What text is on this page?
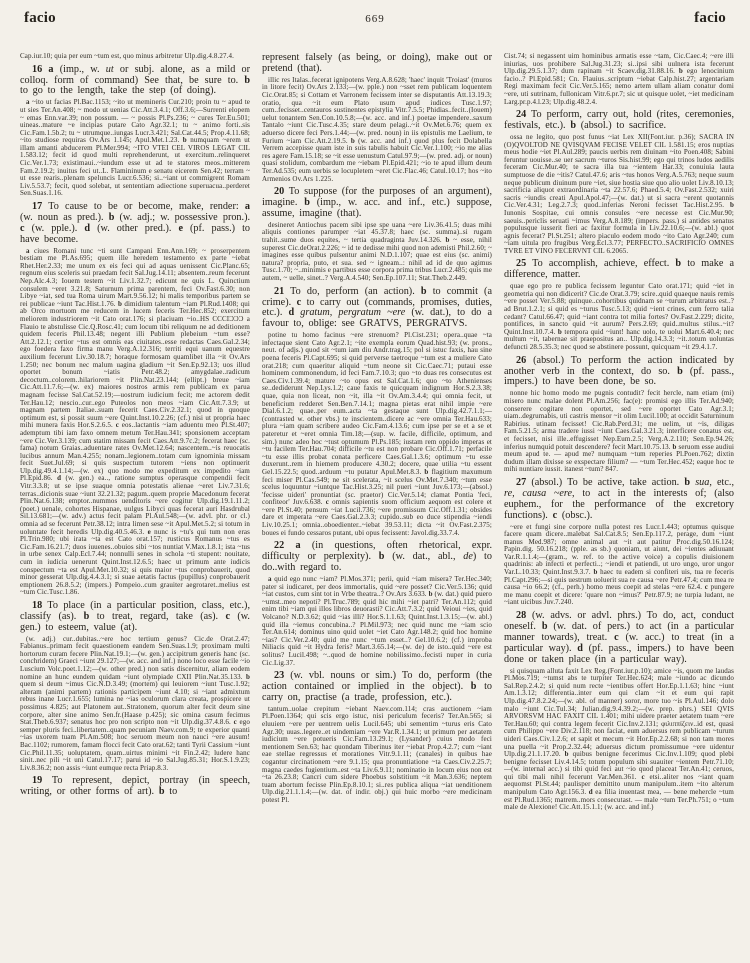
facio	669	facio

Cap.iur.10; quia per eum ~tum est, quo minus arbitretur Ulp.dig.4.8.27.4.

16 a (imp., w. ut or subj. alone, as a mild or colloq. form of command) See that, be sure to. b to go to the length, take the step (of doing).

a ~ito ut facias Pl.Bac.1153; ~ito ut memineris Cur.210; proin tu ~ apud te ut sies Ter.An.408; ~ modo ut uenias Cic.Att.3.4.1; Off.3.6;—Surrenti elopem ~ emas Enn.var.39; non possum. — ~ possis Pl.Ps.236; ~ cures Ter.Eu.501; uineas..mature ~e incipias putare Cato Agr.32.1; tu ~ animo forti..sis Cic.Fam.1.5b.2; tu ~ utrumque..iungas Lucr.3.421; Sal.Cat.44.5; Prop.4.11.68; ~ito studiose requiras Ov.Ars 1.145; Apul.Met.1.23. b numquam ~erem ut illam amanti abducerem Pl.Mer.994; ~ITO VTEI CEL VIROS LEGAT CIL 1.583.12; fecit id quod multi reprehenderunt, ut exercitum..relinqueret Cic.Ver.1.73; existimaui..~iundum esse ut ad te statores meos..mitterem Fam.2.19.2; inuitus feci ut..L. Flamininum e senatu eicerem Sen.42; terram ~ ut esse rearis..plenam speluncis Lucr.6.536; si..~iant ut commigrent Romam Liv.5.53.7; fecit, quod solebat, ut sententiam adiectione superuacua..perderet Sen.Suas.1.16.

17 To cause to be or become, make, render: a (w. noun as pred.). b (w. adj.; w. possessive pron.). c (w. pple.). d (w. other pred.). e (pf. pass.) to have become.

a ciues Romani tunc ~ti sunt Campani Enn.Ann.169; ~ proserpentem bestiam me Pl.As.695; quem ille heredem testamento ex parte ~iebat Rhet.Her.2.33; me unum ex eis feci qui ad aquas uenissent Cic.Planc.65; regnum eius sceleris sui praedam fecit Sal.Jug.14.11; absentem..reum fecerunt Nep.Alc.4.3; Iouem testem ~it Liv.1.32.7; edicunt ne quis L. Quinctium consulem ~eret 3.21.8; Saturnum prima parentem, feci Ov.Fast.6.30; non Libye ~iat, sed tua Roma uirum Mart.9.56.12; hi malis temporibus partem se rei publicae ~iunt Tac.Hist.1.76. b dimidium talentum ~iam Pl.Rud.1408; qui ab Orco mortuom me reducem in lucem feceris Ter.Hec.852; exercitum meliorem industriorem ~it Cato orat.176; si placiuam ~io..HS CCCIƆƆƆ a Flauio te abstulisse Cic.Q.Rosc.41; cum locum tibi reliquum ne ad deditionem quidem feceris Phil.13.48; negent illi Publium plebeium ~tum esse? Att.2.12.1; certior ~tus est omnis eas ciuitates..esse redactas Caes.Gal.2.34; ego foedera faxo firma manu Verg.A.12.316; territi equi uanum equestre auxilium fecerunt Liv.30.18.7; horaque formosam quamlibet illa ~it Ov.Ars 1.250; nec bonum nec malum uagina gladium ~it Sen.Ep.92.13; uos illud oportet bonum ~iatis Petr.48.2; amygdalae..radicum decoctum..colorem..hilariorem ~it Plin.Nat.23.144; (ellipt.) breue ~iam Cic.Att.11.7.6;—(w. ex) maiores nostros armis rem publicam ex parua magnam fecisse Sal.Cat.52.19;—uostrum iudicium fecit; me actorem dedit Ter.Hau.12; nescio..cur..ego Puteolos non meos ~iam Cic.Att.7.3.9; ut magnam partem Italiae..suam fecerit Caes.Civ.2.32.1; quod in quoque optimum est, si possit suum ~ere Quint.Inst.10.2.26; (cf.) nisi ut propria haec mihi munera faxis Hor.S.2.6.5. c eos..lactantis ~iam aduentu meo Pl.St.407; ademptum tibi iam faxo omnem metum Ter.Hau.341; sponsionem acceptam ~ere Cic.Ver.3.139; cum statim missam fecit Caes.Att.9.7c.2; fecerat haec (sc. fama) notum Graias..aduentare rates Ov.Met.12.64; nascentem..~is reuocatis lucibus annum Man.4.255; nonam..legionem..totam cum ignominia missam fecit Suet.Jul.69; si quis suspectum tutorem ~iens non optinuerit Ulp.dig.49.4.1.14;—(w. ex) quo modo me expeditum ex impedito ~iam Pl.Epid.86. d (w. gen.) ea.., ratione sumptus operasque compendii fecit Vitr.3.3.8; ut se ipse suaque omnia potestatis alienae ~eret Liv.7.31.6; terras..dicionis suae ~iunt 32.21.32; pagum..quem proprie Macedonum fecerat Plin.Nat.6.138; emptor..nummos uenditoris ~ere cogitur Ulp.dig.19.1.11.2; (poet.) uenale, cohortes Hispanae, uulgus Libyci quas fecerat auri Hasdrubal Sil.13.681;—(w. adv.) actus fecit palam Pl.Aul.548;—(w. advl. phr. or cl.) omnia ad se fecerunt Petr.38.12; intra limen sese ~it Apul.Met.5.2; si totum in uoluntate fecit heredis Ulp.dig.40.5.46.3. e nunc is ~tu's qui tum non eras Pl.Trin.980; ubi irata ~ta est Cato orat.157; rusticus Romanus ~tus es Cic.Fam.16.21.7; duos iuuenes..obuios sibi ~tos nuntiat V.Max.1.8.1; ista ~tus in urbe senex Calp.Ecl.7.44; nonnulli senes in schola ~ti stupent: nouitate, cum in iudicia uenerunt Quint.Inst.12.6.5; haec ut primum ante iudicis conspectum ~ta est Apul.Met.10.32; si quis maior ~tus conprobauerit, quod minor gesserat Ulp.dig.4.4.3.1; si suae aetatis factus (pupillus) conprobauerit emptionem 26.8.5.2; (impers.) Pompeio..cum grauiter aegrotaret..melius est ~tum Cic.Tusc.1.86.

18 To place (in a particular position, class, etc.), classify (as). b to treat, regard, take (as). c (w. gen.) to esteem, value (at).

(w. adj.) cur..dubitas..~ere hoc tertium genus? Cic.de Orat.2.47; Fabianus..primam fecit quaestionem eandem Sen.Suas.1.9; proximam multi hortorum curam fecere Plin.Nat.19.1;—(w. gen.) accipitrum generis hanc (sc. conchridem) Graeci ~iunt 29.127;—(w. acc. and inf.) nono loco esse facile ~io Luscium Volc.poet.1.12;—(w. other pred.) non satis discernitur, aliam eodem nomine an hunc eundem quidam ~iunt olympiade CXII Plin.Nat.35.133. b quem si deum ~imus Cic.N.D.3.49; (mortem) qui leuiorem ~iunt Tusc.1.92; alteram (animi partem) rationis participem ~iunt 4.10; si ~iant admixtum rebus inane Lucr.1.655; lumina ne ~ias oculorum clara creata, prospicere ut possimus 4.825; aut Platonem aut..Stratonem, quorum alter fecit deum sine corpore, alter sine animo Sen.fr.(Haase p.425); sic omina casum fecimus Stat.Theb.6.937; senatus hoc pro non scripto non ~it Ulp.dig.37.4.8.6. c ego semper pluris feci..libertatem..quam pecuniam Naev.com.9; te experior quanti ~ias uxorem tuam Pl.Am.508; hoc seruom meum non nauci ~ere ausum! Bac.1102; rumorem, famam flocci fecit Cato orat.62; tanti Tyrii Cassium ~iunt Cic.Phil.11.35; uoluptatem, quam..uirtus minimi ~it Fin.2.42; ludere hanc sinit..nec pili ~it uni Catul.17.17; parui id ~io Sal.Jug.85.31; Hor.S.1.9.23; Liv.8.36.2; non assis ~iunt eumque recta Priap.8.3.

19 To represent, depict, portray (in speech, writing, or other forms of art). b to

represent falsely (as being, or doing), make out or pretend (that).

illic res Italas..fecerat ignipotens Verg.A.8.628; 'haec' inquit 'Troiast' (muros in litore fecit) Ov.Ars 2.133;—(w. pple.) non ~sset rem publicam loquentem Cic.Orat.85; si Cottam et Varronem fecissem inter se disputantis Att.13.19.3; oratio, qua ~it eum Plato usum apud iudices Tusc.1.97; cum..fecisset..centauros sustinentes epistylia Vitr.7.5.5; Phidias..fecit..(Iouem) uelut tonantem Sen.Con.10.5.8;—(w. acc. and inf.) poetae impendere..saxum Tantalo ~iunt Cic.Tusc.4.35; stare deum pelagi..~it Ov.Met.6.76; quem ex aduerso dicere feci Pers.1.44;—(w. pred. noun) in iis epistulis me Laelium, te Furium ~iam Cic.Att.2.19.5. b (w. acc. and inf.) quod plus fecit Dolabella Verrem accepisse quam iste in suis tabulis habuit Cic.Ver.1.100; ~io me alias res agere Fam.15.18; se ~it esse uenustum Catul.97.9;—(w. pred. adj. or noun) quasi stolidum, combardum me ~iebam Pl.Epid.421; ~io te apud illum deum Ter.Ad.535; eum uerbis se locupletem ~eret Cic.Flac.46; Catul.10.17; hos ~ito Armenios Ov.Ars 1.225.

20 To suppose (for the purposes of an argument), imagine. b (imp., w. acc. and inf., etc.) suppose, assume, imagine (that).

desineret Antiochus pacem sibi ipse spe uana ~ere Liv.36.41.5; duas mihi aliquis contiones parumper ~iat 45.37.8; haec (sc. summa)..si rugam trahit..sume duos equites, ~ tertia quadraginta Juv.14.326. b ~ esse, nihil superest Cic.deOrat.2.226; ~ id te dedisse mihi quod non ademisti Phil.2.60; ~ imagines esse quibus pulsentur animi N.D.1.107; quae est eius (sc. animi) natura? propria, puto, et sua. sed ~ igneam..: nihil ad id de quo agimus Tusc.1.70; ~..minimis e partibus esse corpora prima tribus Lucr.2.485; quis me autem, ~ uelle, sinet..? Verg.A.4.540; Sen.Ep.107.11; Stat.Theb.2.449.

21 To do, perform (an action). b to commit (a crime). c to carry out (commands, promises, duties, etc.). d gratum, pergratum ~ere (w. dat.), to do a favour to, oblige: see GRATVS, PERGRATVS.

potine tu homo facinus ~ere strenuom? Pl.Cist.231; opera..quae ~ta infectaque sient Cato Agr.2.1; ~ite exempla eorum Quad.hist.93; (w. prons., neut. of adjs.) quod sit ~tum iam diu Andr.trag.15; pol si istuc faxis, hau sine poena feceris Pl.Capt.695; si quid perverse taetroque ~tum est a muliere Cato orat.218; cum quaeritur aliquid ~tum neone sit Cic.Caec.71; putaui esse hominem commonendum, id feci Fam.7.10.3; quo ~to duas res consecutus est Caes.Civ.1.39.4; mature ~to opus est Sal.Cat.1.6; quo ~to Athenienses se..dediderunt Nep.Lys.1.2; caue faxis te quicquam indignum Hor.S.2.3.38; quae, quia non liceat, non ~it, illa ~it Ov.Am.3.4.4; qui omnia fecit, ut beneficium redderet Sen.Ben.7.14.1; magna pietas erat nihil impie ~ere Dial.6.1.2; quae..per eum..acta ~ta gestaque sunt Ulp.dig.42.7.1.1;—(contrasted w. other vbs.) te inscientem..dicere ac ~ere omnia Ter.Hau.633; plura ~iam quam scribere audeo Cic.Fam.4.13.6; cum ipse per se et a se et pateretur et ~eret omnia Tim.18;—(sup. w. facile, difficile, optimum, and sim.) nunc adeo hoc ~tust optumum Pl.Ps.185; iustam rem oppido imperas et ~tu facilem Ter.Hau.704; difficile ~tu est non probare Cic.Off.1.71; perfacile ~tu esse illis probat conata perficere Caes.Gal.1.3.6; optimum ~tu esse duxerunt..rem in hiemem producere 4.30.2; docere, quae utilia ~tu essent Gel.15.22.5; quod..arduum ~tu putatur Apul.Met.8.3. b flagitium maxumum feci miser Pl.Cas.549; ne sit scelerata, ~it scelus Ov.Met.7.340; ~tum esse scelus loquuntur ~iuntque Tac.Hist.3.25; nil pueri ~iunt Juv.6.173;—(absol.) 'fecisse uideri' pronuntiat (sc. praetor) Cic.Ver.5.14; clamat Pontia 'feci, confiteor' Juv.6.638. c omnis sapientis suom officium aequom est colere et ~ere Pl.St.40; pensum ~iat Lucil.736; ~ere promissum Cic.Off.1.31; obsides dare et imperata ~ere Caes.Gal.2.3.3; cupido..sub eo duce stipendia ~iendi Liv.10.25.1; omnia..oboedienter..~iebat 39.53.11; dicta ~it Ov.Fast.2.375; boues ei fundo cessaros putant, ubi opus fecissent: Javol.dig.33.7.4.

22 a (in questions, often rhetorical, expr. difficulty or perplexity). b (w. dat., abl., de) to do..with regard to.

a quid ego nunc ~iam? Pl.Mos.371; perii, quid ~iam misera? Ter.Hec.340; pater si iudicaret, per deos immortalis, quid ~ere posset? Cic.Ver.5.136; quid ~iat custos, cum sint tot in Vrbe theatra..? Ov.Ars 3.633. b (w. dat.) quid puero ~umst..meo nepoti? Pl.Truc.789; quid hic mihi ~iet patri? Ter.An.112; quid enim tibi ~iam qui illos libros deuorasti? Cic.Att.7.3.2; quid Veioui ~ies, quid Volcano? N.D.3.62; quid ~ias illi? Hor.S.1.1.63; Quint.Inst.1.3.15;—(w. abl.) quid illa ~iemus concubina..? Pl.Mil.973; nec quid nunc me ~iam scio Ter.An.614; dominus uino quid uolet ~iet Cato Agr.148.2; quid hoc homine ~ias? Cic.Ver.2.40; quid me nunc ~tum esset..? Gel.10.6.2; (cf.) improba Niliacis quid ~it Hydra feris? Mart.3.65.14;—(w. de) de isto..quid ~ere est solitus? Lucil.498; ~..quod de homine nobilissimo..fecisti nuper in curia Cic.Lig.37.

23 (w. vbl. nouns or sim.) To do, perform (the action contained or implied in the object). b to carry on, practise (a trade, profession, etc.).

tantum..uolae crepitum ~iebant Naev.com.114; cras auctionem ~iam Pl.Poen.1364; qui scis ergo istuc, nisi periculum feceris? Ter.An.565; si eluuiem ~ere per uentrem uelis Lucil.645; ubi sementim ~turus eris Cato Agr.30; uuas..legere..et uindemiam ~ere Var.R.1.34.1; ut primum per aetatem iudicium ~ere potueris Cic.Fam.13.29.1; (Lysander) cuius modo feci mentionem Sen.63; hac quondam Tiberinus iter ~iebat Prop.4.2.7; cum ~iant eae stellae regressus et morationes Vitr.9.1.11; (canales) in quibus hae cogantur circinationem ~ere 9.1.15; qua pronuntiatione ~ta Caes.Civ.2.25.7; magna caedes fugientium..est ~ta Liv.6.9.11; nominatio in locum eius non est ~ta 26.23.8; Cancri cum sidere Phoebus solstitium ~it Man.3.636; neptem tuam abortum fecisse Plin.Ep.8.10.1; si..res publica aliqua ~iat uenditionem Ulp.dig.21.1.1.4;—(w. dat. of indir. obj.) qui huic morbo ~ere medicinam potest Pl.

Cist.74; si negassent uim hominibus armatis esse ~tam, Cic.Caec.4; ~ere illi iniurias, uos prohibere Sal.Jug.31.23; si..ipsi sibi uulnera ista fecerunt Ulp.dig.29.5.1.37; dum rapinam ~it Scaev.dig.31.88.16. b ego lenocinium facio..? Pl.Epid.581; Cn. Flauius..scriptum ~iebat Calp.hist.27; argentariam Regi maximam fecit Cic.Ver.5.165; nemo artem ullam aliam conatur domi ~ere, uti sutrinam, fullonicam Vitr.6.pr.7; sic ut quisque uolet, ~iet medicinam Larg.pr.p.4.l.23; Ulp.dig.48.2.4.

24 To perform, carry out, hold (rites, ceremonies, festivals, etc.). b (absol.) to sacrifice.

ossa ne legito, quo post funus ~iat Lex XII(Font.iur. p.36); SACRA IN (O)QVOLTOD NE QVISQVAM FECISE VELET CIL 1.581.15; eros nuptias meus hodie ~iet Pl.Aul.289; paucis uerbis rem diuinam ~ito Poen.408; Sabini feruntur uouisse..se uer sacrum ~turos Sis.hist.99; ego qui trinos ludos aedilis feceram Cic.Mur.40; te sacra illa tua ~ientem Har.33; conuiuia lauta sumptuose de die ~itis? Catul.47.6; aris ~tus honos Verg.A.5.763; neque suum neque publicum diuinum pure ~iet, siue hostia siue quo alio uolet Liv.8.10.13; sacrificia aliquot extraordinaria ~ta 22.57.6; Phaed.5.4; Ov.Fast.2.532; xuiri sacris ~iundis creati Apul.Apol.47;—(w. dat.) ut si sacra ~erent quotannis Cic.Ver.4.31; Leg.2.7.3; quod..inferias Neroni fecisset Tac.Hist.2.95. b Iunonis Sospitae, cui omnis consules ~ere necesse est Cic.Mur.90; saeuis..periclis seruati ~imus Verg.A.8.189; (impers. pass.) si antides senatus populusque iusserit fieri ac faxitur formula in Liv.22.10.6;—(w. abl.) quot agnis fecerat? Pl.St.251; altero piaculo eodem modo ~ito Cato Agr.240; cum ~iam uitula pro frugibus Verg.Ecl.3.77; PERFECTO..SACRIFICIO OMNES TVRE ET VINO FECERVNT CIL 6.2065.

25 To accomplish, achieve, effect. b to make a difference, matter.

quae ego pro re publica fecissem leguntur Cato orat.171; quid ~iet in geometria qui non didicerit? Cic.de Orat.3.79; scire..quid quaeque nauis remis ~ere posset Ver.5.88; quinque..cohortibus quidnam se ~turum arbitratus est..? ad Brut.1.2.1; si quid es ~turus Tusc.5.13; quid ~ient crines, cum ferro talia cedant? Catul.66.47; quid ~iant contra tot milia fortes? Ov.Fast.2.229; dicite, pontifices, in sancto quid ~it aurum? Pers.2.69; quid..multus stilus..~it? Quint.Inst.10.7.4. b tempora quid ~iunt! hanc uolo, te uolui Mart.6.40.4; nec multum ~it, tabernae sit praepositus an.. Ulp.dig.14.3.3; ~it..totum uoluntas defuncti 28.5.35.3; nec quod se abstinere possunt, quicquam ~it 29.4.1.7.

26 (absol.) To perform the action indicated by another verb in the context, do so. b (pf. pass., impers.) to have been done, be so.

nonne hic homo modo me pugnis contudit? fecit hercle, nam etiam (mi) misero nunc malae dolent Pl.Am.256; fac(e): promisi ego illis Ter.Ad.940; conserere cogitare non oportet, sed ~ere oportet Cato Agr.3.1; uiam..degrumabis, uti castris mensor ~it olim Lucil.100; at occidit Saturninum Rabirius. utinam fecisset! Cic.Rab.Perd.31; me uelim, ut ~is, diligas Fam.5.21.5; arma tradere iussi ~iunt Caes.Gal.3.21.3; interficere conatus est, et fecisset, nisi ille..effugisset Nep.Eum.2.5; Verg.A.2.110; Sen.Ep.94.26; inferius numquid potuit descendere? fecit Mart.10.75.13. b seruom esse audiui meum apud te. — apud me? numquam ~tum reperies Pl.Poen.762; dixtin dudum illam dixisse se exspectare filium? — ~tum Ter.Hec.452; eaque hoc te mihi nuntiare iussit. itanest ~tum? 847.

27 (absol.) To be active, take action. b sua, etc., re, causa ~ere, to act in the interests of; (also euphem., for the performance of the excretory functions). c (obsc.).

~ere et fungi sine corpore nulla potest res Lucr.1.443; optumus quisque facere quam dicere..malebat Sal.Cat.8.5; Sen.Ep.117.2, perage, dum ~iunt manus Med.987; omne animal aut ~it aut patitur Proc.dig.50.16.124; Papin.dig. 50.16.218; (pple. as sb.) quoniam, ut aiunt, dei ~ientes adiuuant Var.R.1.1.4;—(gram., w. ref. to the active voice) a copulis diuisionem quadrinis: ab infecti et perfecti..; ~iendi et patiendi, ut uro ungo, uror ungor Var.L.10.33; Quint.Inst.9.3.7. b haec tu eadem si confiteri uis, tua re feceris Pl.Capt.296;—si quis uestrum uoluerit sua re causa ~ere Petr.47.4; cum mea re causa ~io 66.2; (cf., perh.) homo meus coepit ad stelas ~ere 62.4. c pungere me manu coepit et dicere: 'quare non ~imus?' Petr.87.9; ne turpia ludant, ne ~iant uicibus Juv.7.240.

28 (w. advs. or advl. phrs.) To do, act, conduct oneself. b (w. dat. of pers.) to act (in a particular manner towards), treat. c (w. acc.) to treat (in a particular way). d (pf. pass., impers.) to have been done or taken place (in a particular way).

si quisquam alluta faxit Lex Reg.(Font.iur.p.10); amice ~is, quom me laudas Pl.Mos.719; ~tumst abs te turpiter Ter.Hec.624; male ~iundo ac dicundo Sal.Rep.2.4.2; si quid num recte ~ientibus offert Hor.Ep.1.1.63; hinc ~iunt Am.1.3.12; differentia..inter eum qui clam ~it et eum qui rapit Ulp.dig.47.8.2.24;—(w. abl. of manner) soror, more tuo ~is Pl.Aul.146; dolo malo ~iunt Cic.Tul.34; Julian.dig.9.4.39.2;—(w. prep. phrs.) SEI QVIS ARVORSVM HAC FAXIT CIL 1.401; mihi uidere praeter aetatem tuam ~ere Ter.Hau.60; qui contra legem fecerit Cic.Inv.2.131; φιλιππίζειν..id est, quasi cum Philippo ~ere Div.2.118; non faciat, eum aduersus rem publicam ~turum uideri Caes.Civ.1.2.6; et sapit et mecum ~it Hor.Ep.2.2.68; si non tam mores una puella ~it Prop.2.32.44; aduersus dictum promissumue ~ere uidentur Ulp.dig.21.1.17.20. b quibus benigne fecerimus Cic.Inv.1.109; quod plebi benigne fecisset Liv.4.14.5; totum populum sibi suauiter ~ientem Petr.71.10;—(w. internal acc.) si tibi quid feci aut ~io quod placeat Ter.An.41; ceruos, qui tibi mali nihil fecerunt Var.Men.361. c etsi..aliter nos ~iant quam aequomst Pl.St.44; paulisper demittito unum manipulum..item ~ito alterum manipulum Cato Agr.156.3. d ea filia inuentast mea, — bene mehercle ~tum est Pl.Rud.1365; matrem..mors consecutast. — male ~tum Ter.Ph.751; o ~tum male de Alexione! Cic.Att.15.1.1; (w. acc. and inf.)
